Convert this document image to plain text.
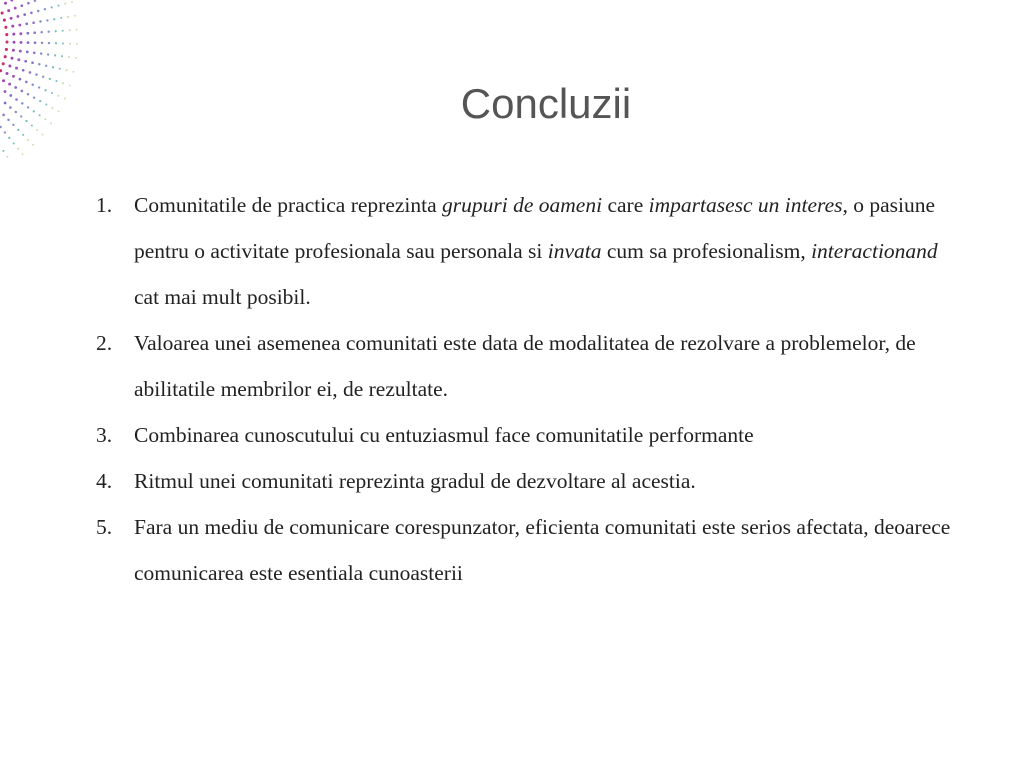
Concluzii
1. Comunitatile de practica reprezinta grupuri de oameni care impartasesc un interes, o pasiune pentru o activitate profesionala sau personala si invata cum sa profesionalism, interactionand cat mai mult posibil.
2. Valoarea unei asemenea comunitati este data de modalitatea de rezolvare a problemelor, de abilitatile membrilor ei, de rezultate.
3. Combinarea cunoscutului cu entuziasmul face comunitatile performante
4. Ritmul unei comunitati reprezinta gradul de dezvoltare al acestia.
5. Fara un mediu de comunicare corespunzator, eficienta comunitati este serios afectata, deoarece comunicarea este esentiala cunoasterii
